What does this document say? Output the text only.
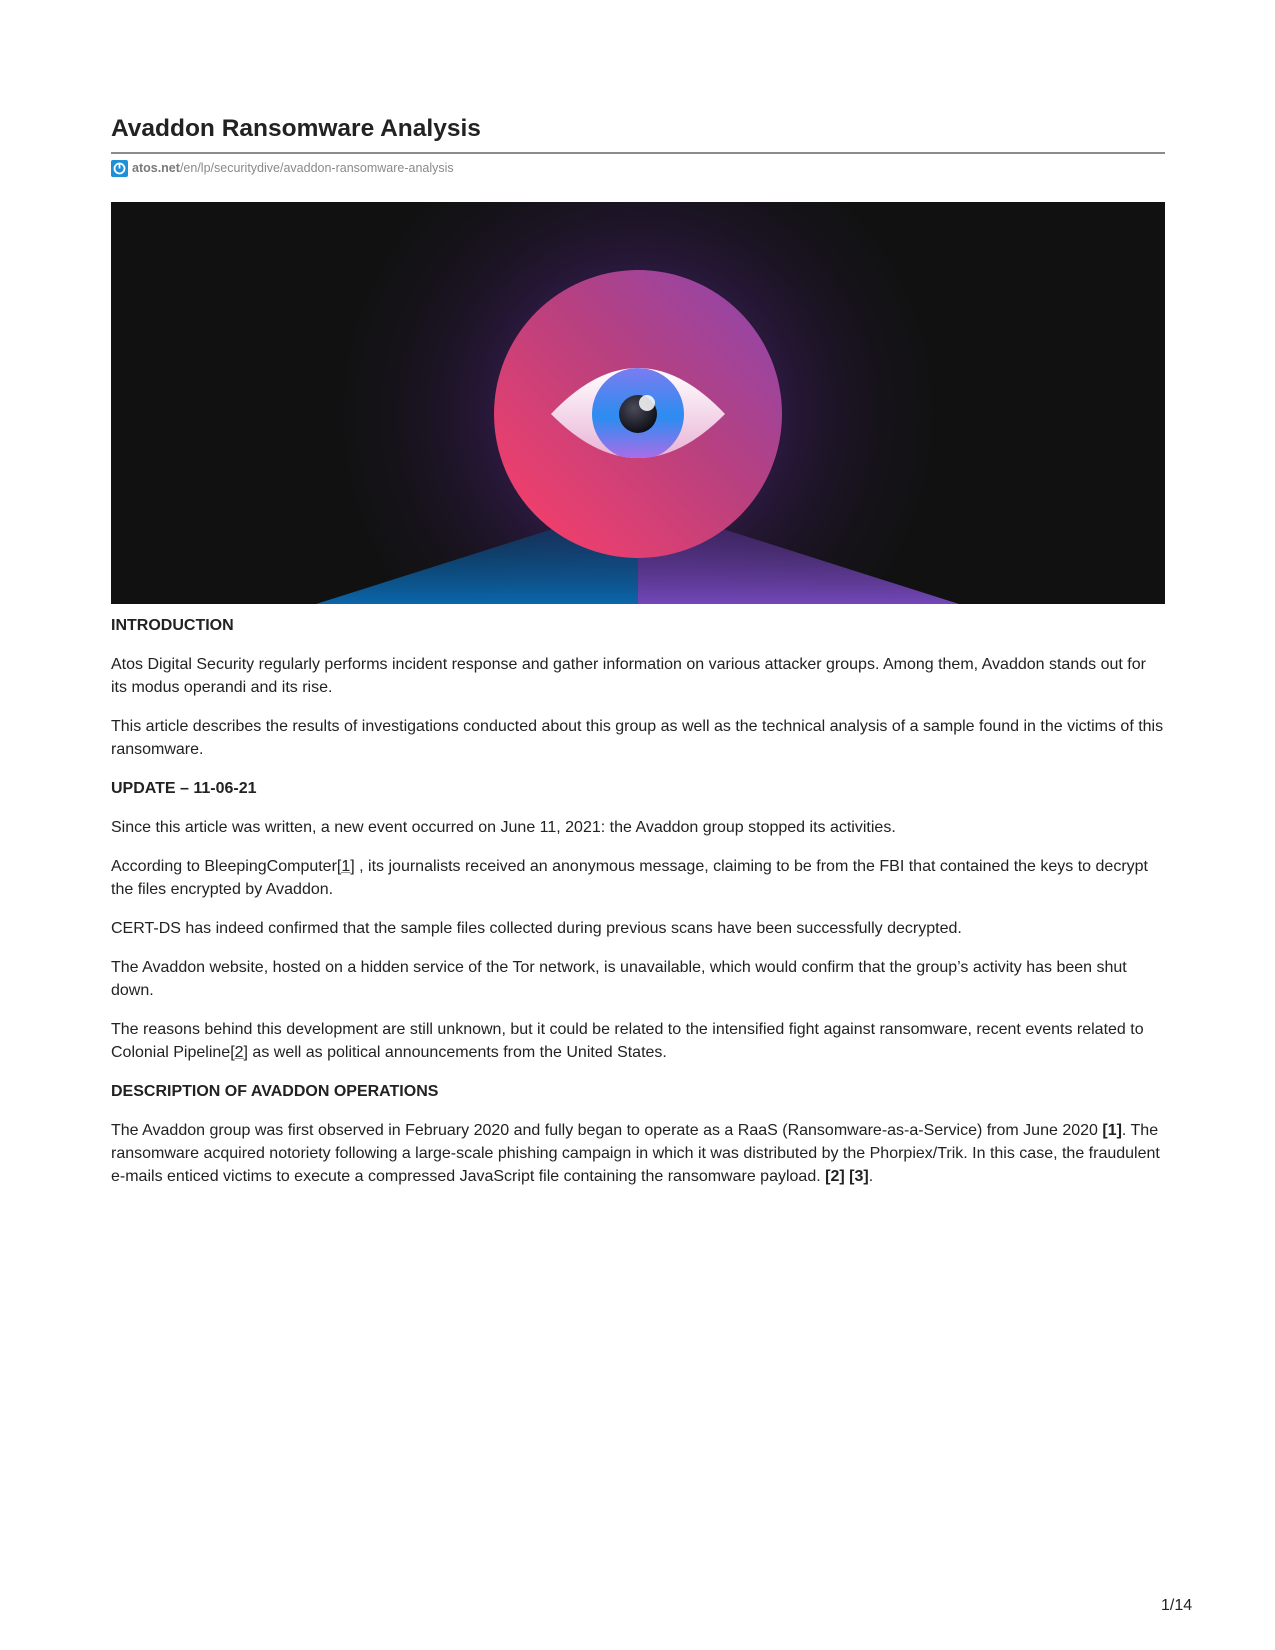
Avaddon Ransomware Analysis
atos.net /en/lp/securitydive/avaddon-ransomware-analysis
INTRODUCTION

Atos Digital Security regularly performs incident response and gather information on various attacker groups. Among them, Avaddon stands out for its modus operandi and its rise.

This article describes the results of investigations conducted about this group as well as the technical analysis of a sample found in the victims of this ransomware.

UPDATE – 11-06-21

Since this article was written, a new event occurred on June 11, 2021: the Avaddon group stopped its activities.

According to BleepingComputer[1] , its journalists received an anonymous message, claiming to be from the FBI that contained the keys to decrypt the files encrypted by Avaddon.

CERT-DS has indeed confirmed that the sample files collected during previous scans have been successfully decrypted.

The Avaddon website, hosted on a hidden service of the Tor network, is unavailable, which would confirm that the group’s activity has been shut down.

The reasons behind this development are still unknown, but it could be related to the intensified fight against ransomware, recent events related to Colonial Pipeline[2] as well as political announcements from the United States.

DESCRIPTION OF AVADDON OPERATIONS

The Avaddon group was first observed in February 2020 and fully began to operate as a RaaS (Ransomware-as-a-Service) from June 2020 [1]. The ransomware acquired notoriety following a large-scale phishing campaign in which it was distributed by the Phorpiex/Trik. In this case, the fraudulent e-mails enticed victims to execute a compressed JavaScript file containing the ransomware payload. [2] [3].

1/14
